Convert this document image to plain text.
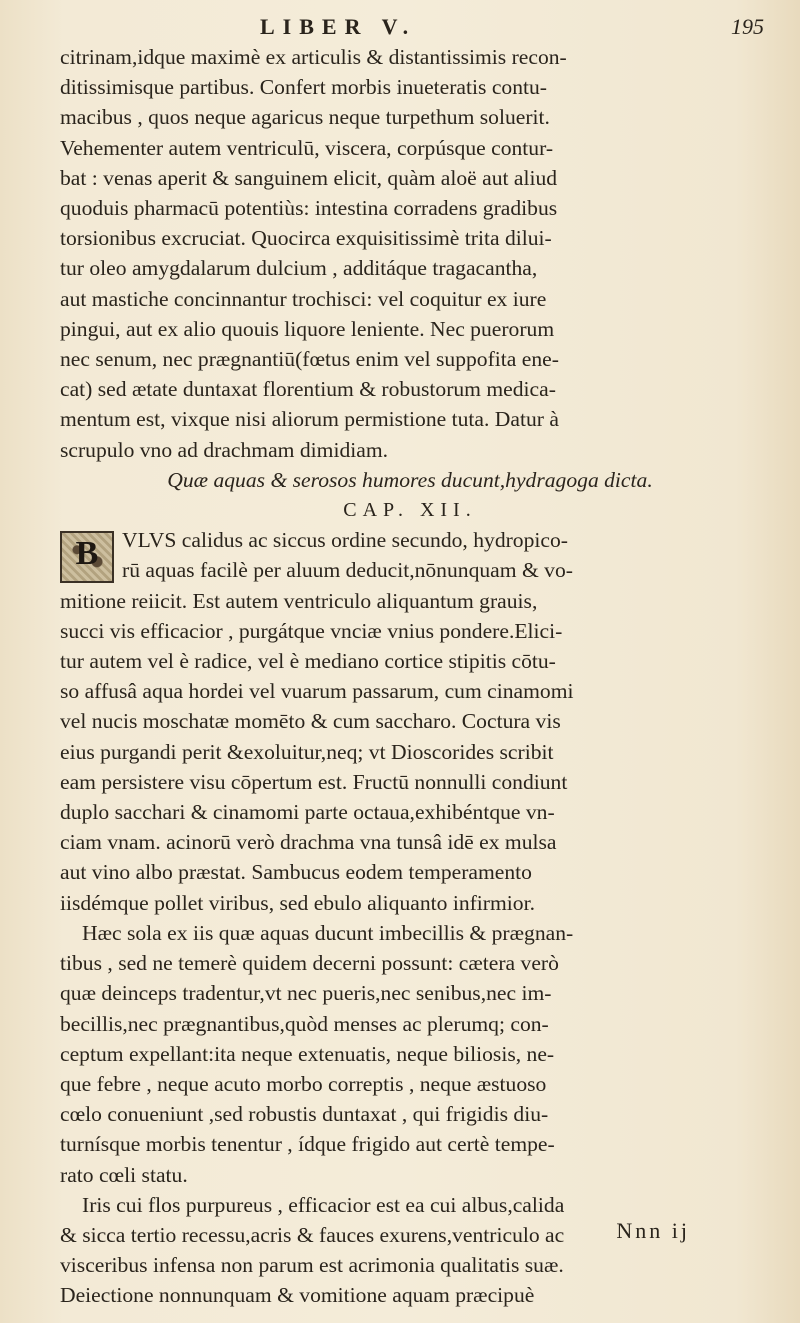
LIBER V.	195
citrinam,idque maximè ex articulis & distantissimis recon-
ditissimisque partibus. Confert morbis inueteratis contu-
macibus , quos neque agaricus neque turpethum soluerit.
Vehementer autem ventriculū, viscera, corpúsque contur-
bat : venas aperit & sanguinem elicit, quàm aloë aut aliud
quoduis pharmacū potentiùs: intestina corradens gradibus
torsionibus excruciat. Quocirca exquisitissimè trita dilui-
tur oleo amygdalarum dulcium , additáque tragacantha,
aut mastiche concinnantur trochisci: vel coquitur ex iure
pingui, aut ex alio quouis liquore leniente. Nec puerorum
nec senum, nec prægnantiū(fœtus enim vel suppofita ene-
cat) sed ætate duntaxat florentium & robustorum medica-
mentum est, vixque nisi aliorum permistione tuta. Datur à
scrupulo vno ad drachmam dimidiam.
Quæ aquas & serosos humores ducunt,hydragoga dicta.
CAP. XII.
B	VLVS calidus ac siccus ordine secundo, hydropico-
rū aquas facilè per aluum deducit,nōnunquam & vo-
mitione reiicit. Est autem ventriculo aliquantum grauis,
succi vis efficacior , purgátque vnciæ vnius pondere.Elici-
tur autem vel è radice, vel è mediano cortice stipitis cōtu-
so affusâ aqua hordei vel vuarum passarum, cum cinamomi
vel nucis moschatæ momēto & cum saccharo. Coctura vis
eius purgandi perit &exoluitur,neq; vt Dioscorides scribit
eam persistere visu cōpertum est. Fructū nonnulli condiunt
duplo sacchari & cinamomi parte octaua,exhibéntque vn-
ciam vnam. acinorū verò drachma vna tunsâ idē ex mulsa
aut vino albo præstat. Sambucus eodem temperamento
iisdémque pollet viribus, sed ebulo aliquanto infirmior.
Hæc sola ex iis quæ aquas ducunt imbecillis & prægnan-
tibus , sed ne temerè quidem decerni possunt: cætera verò
quæ deinceps tradentur,vt nec pueris,nec senibus,nec im-
becillis,nec prægnantibus,quòd menses ac plerumq; con-
ceptum expellant:ita neque extenuatis, neque biliosis, ne-
que febre , neque acuto morbo correptis , neque æstuoso
cœlo conueniunt ,sed robustis duntaxat , qui frigidis diu-
turnísque morbis tenentur , ídque frigido aut certè tempe-
rato cœli statu.
Iris cui flos purpureus , efficacior est ea cui albus,calida
& sicca tertio recessu,acris & fauces exurens,ventriculo ac
visceribus infensa non parum est acrimonia qualitatis suæ.
Deiectione nonnunquam & vomitione aquam præcipuè
Nnn ij
